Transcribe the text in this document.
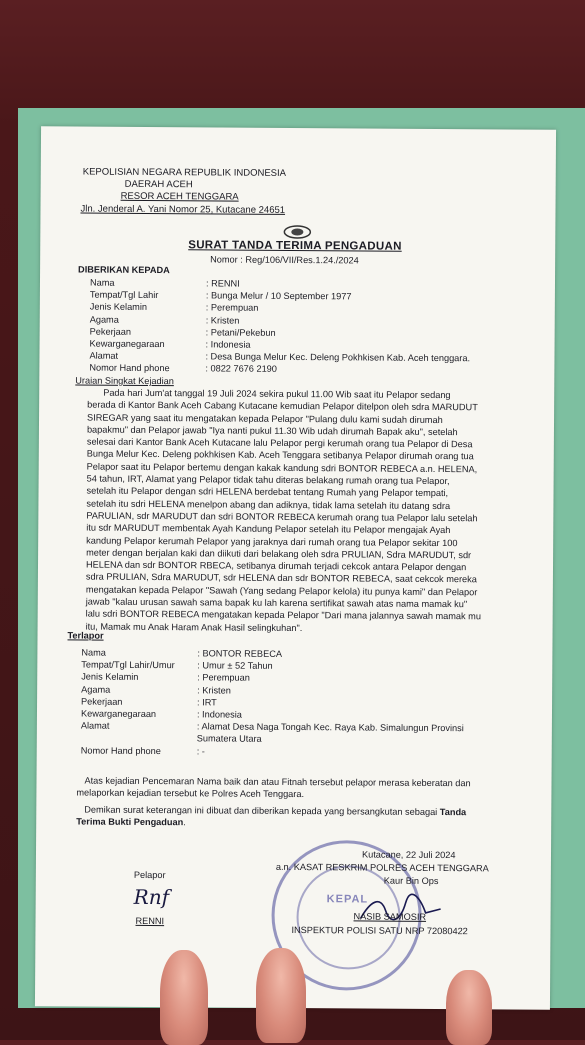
KEPOLISIAN NEGARA REPUBLIK INDONESIA
DAERAH ACEH
RESOR ACEH TENGGARA
Jln. Jenderal A. Yani Nomor 25, Kutacane 24651
SURAT TANDA TERIMA PENGADUAN
Nomor : Reg/106/VII/Res.1.24./2024
DIBERIKAN KEPADA
Nama	: RENNI
Tempat/Tgl Lahir	: Bunga Melur / 10 September 1977
Jenis Kelamin	: Perempuan
Agama	: Kristen
Pekerjaan	: Petani/Pekebun
Kewarganegaraan	: Indonesia
Alamat	: Desa Bunga Melur Kec. Deleng Pokhkisen Kab. Aceh tenggara.
Nomor Hand phone	: 0822 7676 2190
Uraian Singkat Kejadian
Pada hari Jum'at tanggal 19 Juli 2024 sekira pukul 11.00 Wib saat itu Pelapor sedang
berada di Kantor Bank Aceh Cabang Kutacane kemudian Pelapor ditelpon oleh sdra MARUDUT
SIREGAR yang saat itu mengatakan kepada Pelapor "Pulang dulu kami sudah dirumah
bapakmu" dan Pelapor jawab "Iya nanti pukul 11.30 Wib udah dirumah Bapak aku", setelah
selesai dari Kantor Bank Aceh Kutacane lalu Pelapor pergi kerumah orang tua Pelapor di Desa
Bunga Melur Kec. Deleng pokhkisen Kab. Aceh Tenggara setibanya Pelapor dirumah orang tua
Pelapor saat itu Pelapor bertemu dengan kakak kandung sdri BONTOR REBECA a.n. HELENA,
54 tahun, IRT, Alamat yang Pelapor tidak tahu diteras belakang rumah orang tua Pelapor,
setelah itu Pelapor dengan sdri HELENA berdebat tentang Rumah yang Pelapor tempati,
setelah itu sdri HELENA menelpon abang dan adiknya, tidak lama setelah itu datang sdra
PARULIAN, sdr MARUDUT dan sdri BONTOR REBECA kerumah orang tua Pelapor lalu setelah
itu sdr MARUDUT membentak Ayah Kandung Pelapor setelah itu Pelapor mengajak Ayah
kandung Pelapor kerumah Pelapor yang jaraknya dari rumah orang tua Pelapor sekitar 100
meter dengan berjalan kaki dan diikuti dari belakang oleh sdra PRULIAN, Sdra MARUDUT, sdr
HELENA dan sdr BONTOR RBECA, setibanya dirumah terjadi cekcok antara Pelapor dengan
sdra PRULIAN, Sdra MARUDUT, sdr HELENA dan sdr BONTOR REBECA, saat cekcok mereka
mengatakan kepada Pelapor "Sawah (Yang sedang Pelapor kelola) itu punya kami" dan Pelapor
jawab "kalau urusan sawah sama bapak ku lah karena sertifikat sawah atas nama mamak ku"
lalu sdri BONTOR REBECA mengatakan kepada Pelapor "Dari mana jalannya sawah mamak mu
itu, Mamak mu Anak Haram Anak Hasil selingkuhan".
Terlapor
Nama	: BONTOR REBECA
Tempat/Tgl Lahir/Umur : Umur ± 52 Tahun
Jenis Kelamin	: Perempuan
Agama	: Kristen
Pekerjaan	: IRT
Kewarganegaraan	: Indonesia
Alamat	: Alamat Desa Naga Tongah Kec. Raya Kab. Simalungun Provinsi
Sumatera Utara
Nomor Hand phone	: -
Atas kejadian Pencemaran Nama baik dan atau Fitnah tersebut pelapor merasa keberatan dan
melaporkan kejadian tersebut ke Polres Aceh Tenggara.
Demikan surat keterangan ini dibuat dan diberikan kepada yang bersangkutan sebagai Tanda
Terima Bukti Pengaduan.
KEPAL
Pelapor
Rnf
RENNI
Kutacane, 22 Juli 2024
a.n. KASAT RESKRIM POLRES ACEH TENGGARA
Kaur Bin Ops
NASIB SAMOSIR
INSPEKTUR POLISI SATU NRP 72080422
